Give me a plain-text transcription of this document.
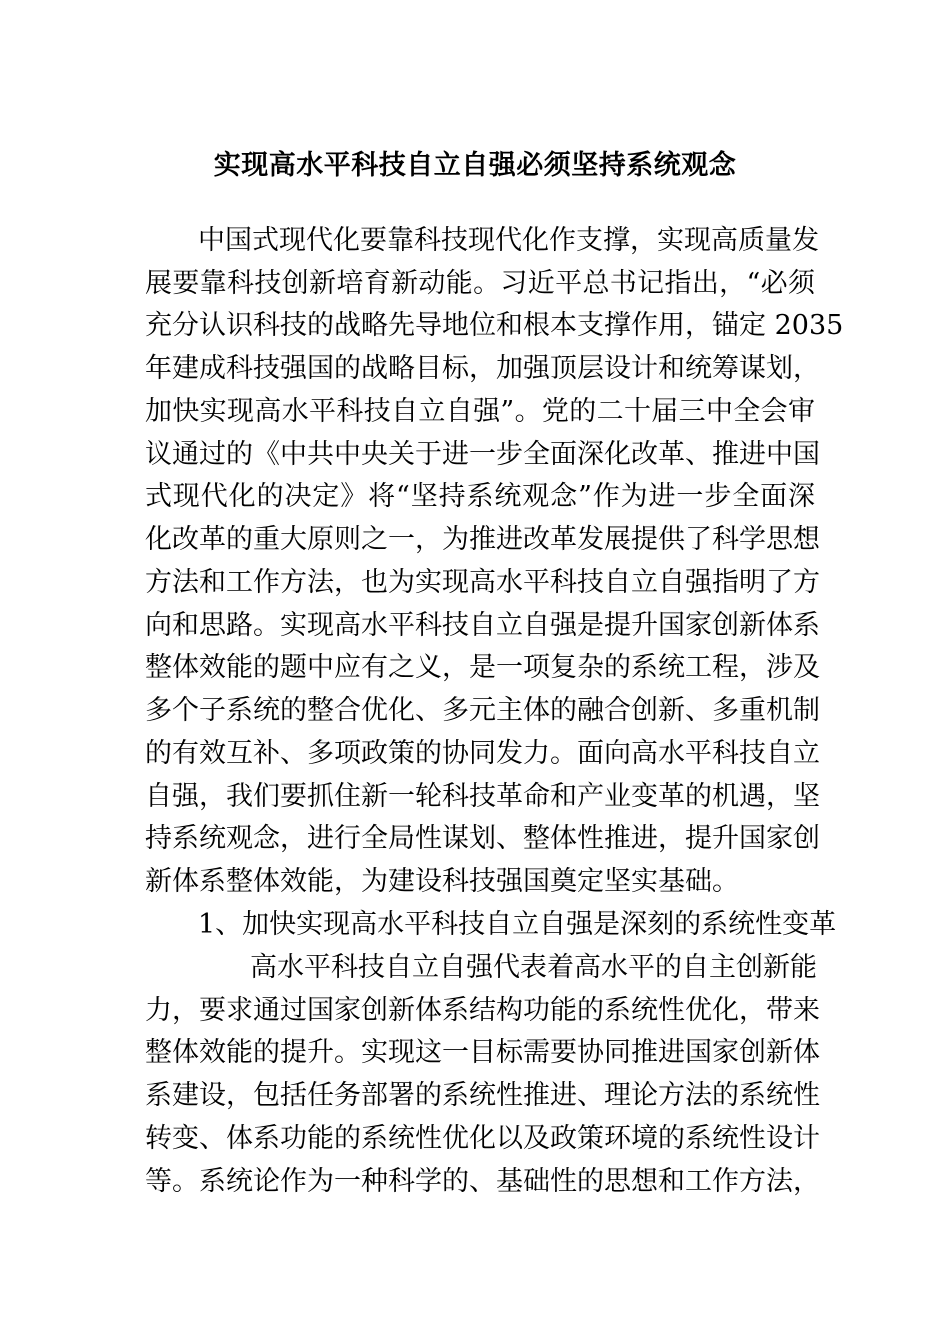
实现高水平科技自立自强必须坚持系统观念
中国式现代化要靠科技现代化作支撑，实现高质量发
展要靠科技创新培育新动能。习近平总书记指出，“必须
充分认识科技的战略先导地位和根本支撑作用，锚定 2035
年建成科技强国的战略目标，加强顶层设计和统筹谋划，
加快实现高水平科技自立自强”。党的二十届三中全会审
议通过的《中共中央关于进一步全面深化改革、推进中国
式现代化的决定》将“坚持系统观念”作为进一步全面深
化改革的重大原则之一，为推进改革发展提供了科学思想
方法和工作方法，也为实现高水平科技自立自强指明了方
向和思路。实现高水平科技自立自强是提升国家创新体系
整体效能的题中应有之义，是一项复杂的系统工程，涉及
多个子系统的整合优化、多元主体的融合创新、多重机制
的有效互补、多项政策的协同发力。面向高水平科技自立
自强，我们要抓住新一轮科技革命和产业变革的机遇，坚
持系统观念，进行全局性谋划、整体性推进，提升国家创
新体系整体效能，为建设科技强国奠定坚实基础。
1、加快实现高水平科技自立自强是深刻的系统性变革
高水平科技自立自强代表着高水平的自主创新能
力，要求通过国家创新体系结构功能的系统性优化，带来
整体效能的提升。实现这一目标需要协同推进国家创新体
系建设，包括任务部署的系统性推进、理论方法的系统性
转变、体系功能的系统性优化以及政策环境的系统性设计
等。系统论作为一种科学的、基础性的思想和工作方法，
